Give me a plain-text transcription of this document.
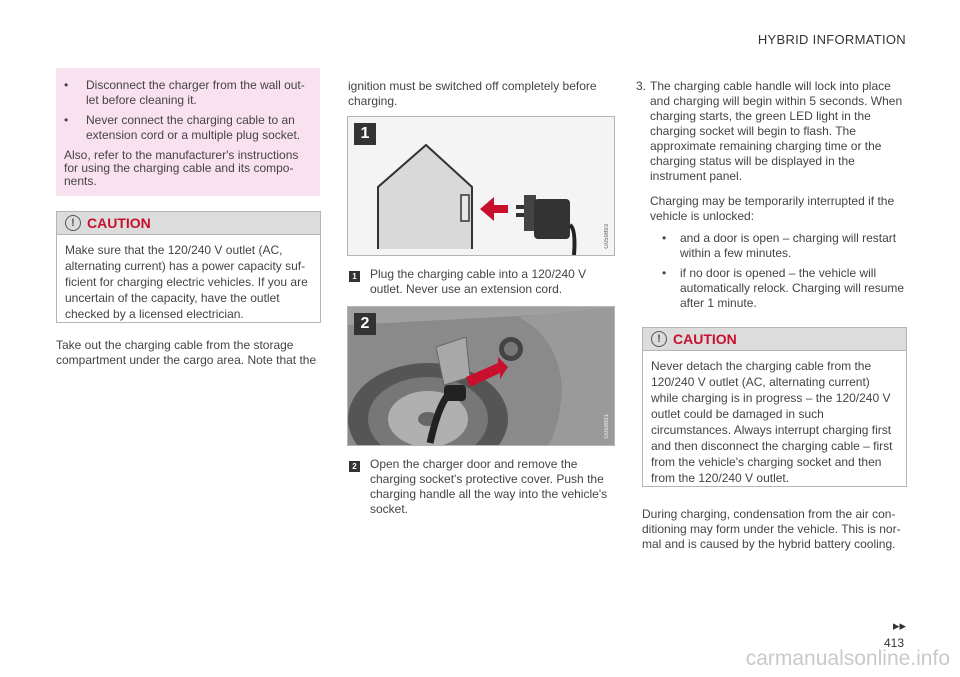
HYBRID INFORMATION
• Disconnect the charger from the wall out-let before cleaning it.
• Never connect the charging cable to an extension cord or a multiple plug socket.
Also, refer to the manufacturer's instructions for using the charging cable and its compo-nents.
! CAUTION
Make sure that the 120/240 V outlet (AC, alternating current) has a power capacity suf-ficient for charging electric vehicles. If you are uncertain of the capacity, have the outlet checked by a licensed electrician.
Take out the charging cable from the storage compartment under the cargo area. Note that the
ignition must be switched off completely before charging.
1
G059893
1 Plug the charging cable into a 120/240 V outlet. Never use an extension cord.
2
G059891
2 Open the charger door and remove the charging socket's protective cover. Push the charging handle all the way into the vehicle's socket.
3. The charging cable handle will lock into place and charging will begin within 5 seconds. When charging starts, the green LED light in the charging socket will begin to flash. The approximate remaining charging time or the charging status will be displayed in the instrument panel.
Charging may be temporarily interrupted if the vehicle is unlocked:
• and a door is open – charging will restart within a few minutes.
• if no door is opened – the vehicle will automatically relock. Charging will resume after 1 minute.
! CAUTION
Never detach the charging cable from the 120/240 V outlet (AC, alternating current) while charging is in progress – the 120/240 V outlet could be damaged in such circumstances. Always interrupt charging first and then disconnect the charging cable – first from the vehicle's charging socket and then from the 120/240 V outlet.
During charging, condensation from the air con-ditioning may form under the vehicle. This is nor-mal and is caused by the hybrid battery cooling.
▸▸
413
carmanualsonline.info
